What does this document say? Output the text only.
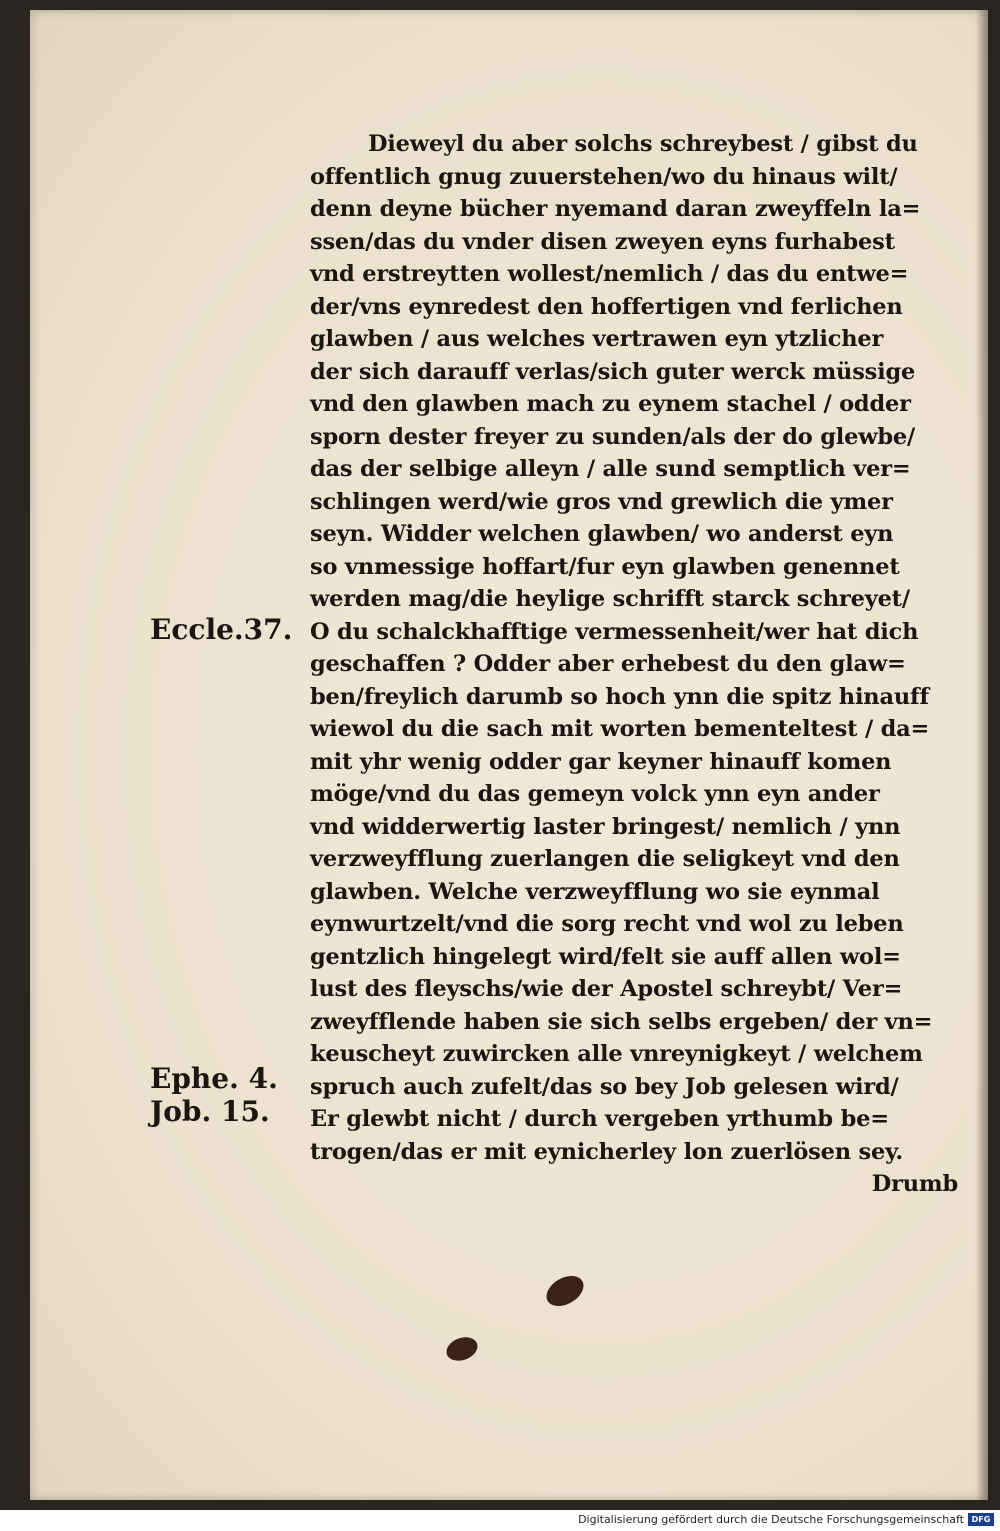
Dieweyl du aber solchs schreybest / gibst du
offentlich gnug zuuerstehen/wo du hinaus wilt/
denn deyne bücher nyemand daran zweyffeln la=
ssen/das du vnder disen zweyen eyns furhabest
vnd erstreytten wollest/nemlich / das du entwe=
der/vns eynredest den hoffertigen vnd ferlichen
glawben / aus welches vertrawen eyn ytzlicher
der sich darauff verlas/sich guter werck müssige
vnd den glawben mach zu eynem stachel / odder
sporn dester freyer zu sunden/als der do glewbe/
das der selbige alleyn / alle sund semptlich ver=
schlingen werd/wie gros vnd grewlich die ymer
seyn. Widder welchen glawben/ wo anderst eyn
so vnmessige hoffart/fur eyn glawben genennet
werden mag/die heylige schrifft starck schreyet/
O du schalckhafftige vermessenheit/wer hat dich
geschaffen ? Odder aber erhebest du den glaw=
ben/freylich darumb so hoch ynn die spitz hinauff
wiewol du die sach mit worten bementeltest / da=
mit yhr wenig odder gar keyner hinauff komen
möge/vnd du das gemeyn volck ynn eyn ander
vnd widderwertig laster bringest/ nemlich / ynn
verzweyfflung zuerlangen die seligkeyt vnd den
glawben. Welche verzweyfflung wo sie eynmal
eynwurtzelt/vnd die sorg recht vnd wol zu leben
gentzlich hingelegt wird/felt sie auff allen wol=
lust des fleyschs/wie der Apostel schreybt/ Ver=
zweyfflende haben sie sich selbs ergeben/ der vn=
keuscheyt zuwircken alle vnreynigkeyt / welchem
spruch auch zufelt/das so bey Job gelesen wird/
Er glewbt nicht / durch vergeben yrthumb be=
trogen/das er mit eynicherley lon zuerlösen sey.
Drumb
Eccle.37.
Ephe. 4.
Job. 15.
Digitalisierung gefördert durch die Deutsche Forschungsgemeinschaft DFG
